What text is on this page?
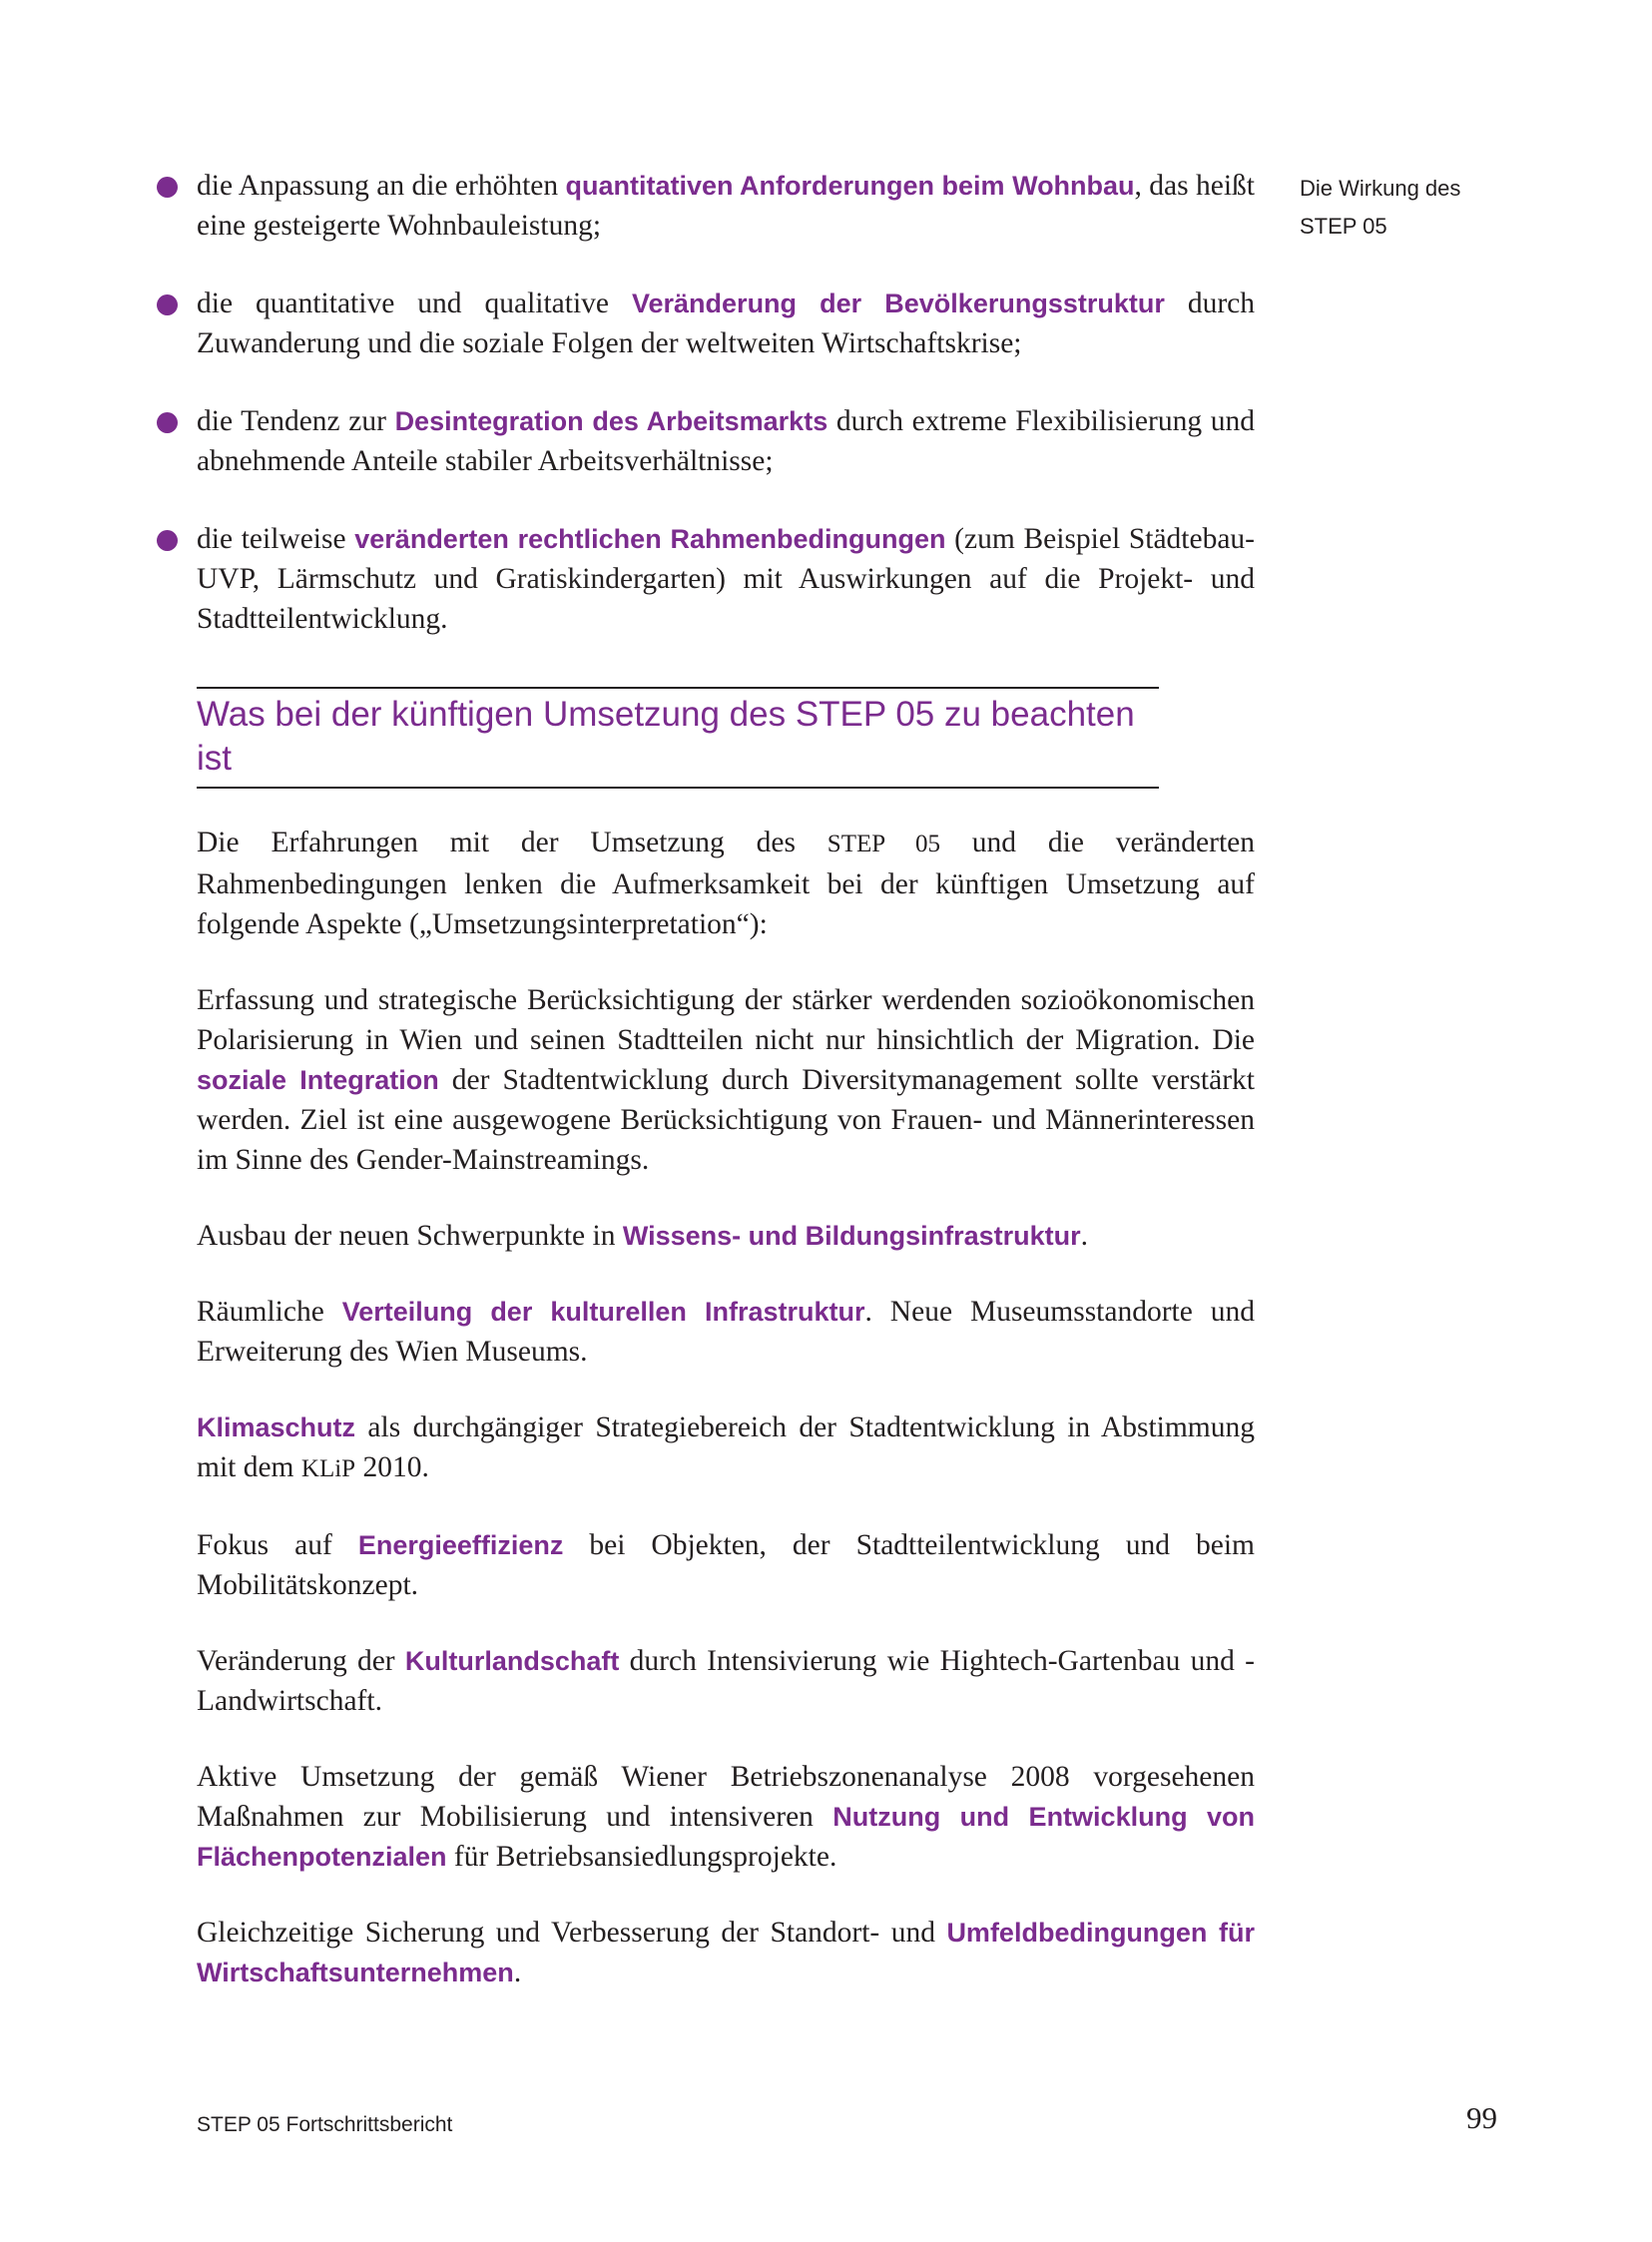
Die Wirkung des
STEP 05
die Anpassung an die erhöhten quantitativen Anforderungen beim Wohnbau, das heißt eine gesteigerte Wohnbauleistung;
die quantitative und qualitative Veränderung der Bevölkerungsstruktur durch Zuwanderung und die soziale Folgen der weltweiten Wirtschaftskrise;
die Tendenz zur Desintegration des Arbeitsmarkts durch extreme Flexibilisierung und abnehmende Anteile stabiler Arbeitsverhältnisse;
die teilweise veränderten rechtlichen Rahmenbedingungen (zum Beispiel Städtebau-UVP, Lärmschutz und Gratiskindergarten) mit Auswirkungen auf die Projekt- und Stadtteilentwicklung.
Was bei der künftigen Umsetzung des STEP 05 zu beachten ist

Die Erfahrungen mit der Umsetzung des STEP 05 und die veränderten Rahmenbedingungen lenken die Aufmerksamkeit bei der künftigen Umsetzung auf folgende Aspekte („Umsetzungsinterpretation“):

Erfassung und strategische Berücksichtigung der stärker werdenden sozioökonomischen Polarisierung in Wien und seinen Stadtteilen nicht nur hinsichtlich der Migration. Die soziale Integration der Stadtentwicklung durch Diversitymanagement sollte verstärkt werden. Ziel ist eine ausgewogene Berücksichtigung von Frauen- und Männerinteressen im Sinne des Gender-Mainstreamings.

Ausbau der neuen Schwerpunkte in Wissens- und Bildungsinfrastruktur.

Räumliche Verteilung der kulturellen Infrastruktur. Neue Museumsstandorte und Erweiterung des Wien Museums.

Klimaschutz als durchgängiger Strategiebereich der Stadtentwicklung in Abstimmung mit dem KLiP 2010.

Fokus auf Energieeffizienz bei Objekten, der Stadtteilentwicklung und beim Mobilitätskonzept.

Veränderung der Kulturlandschaft durch Intensivierung wie Hightech-Gartenbau und -Landwirtschaft.

Aktive Umsetzung der gemäß Wiener Betriebszonenanalyse 2008 vorgesehenen Maßnahmen zur Mobilisierung und intensiveren Nutzung und Entwicklung von Flächenpotenzialen für Betriebsansiedlungsprojekte.

Gleichzeitige Sicherung und Verbesserung der Standort- und Umfeldbedingungen für Wirtschaftsunternehmen.

STEP 05 Fortschrittsbericht	99
